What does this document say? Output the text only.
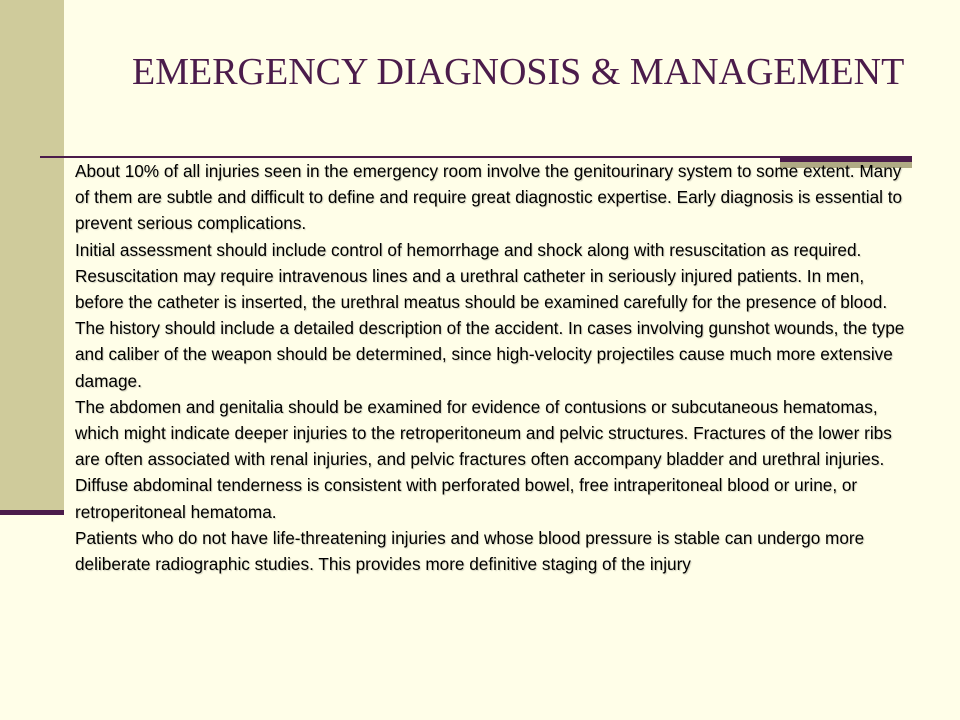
EMERGENCY DIAGNOSIS & MANAGEMENT

About 10% of all injuries seen in the emergency room involve the genitourinary system to some extent. Many of them are subtle and difficult to define and require great diagnostic expertise. Early diagnosis is essential to prevent serious complications.

Initial assessment should include control of hemorrhage and shock along with resuscitation as required. Resuscitation may require intravenous lines and a urethral catheter in seriously injured patients. In men, before the catheter is inserted, the urethral meatus should be examined carefully for the presence of blood.

The history should include a detailed description of the accident. In cases involving gunshot wounds, the type and caliber of the weapon should be determined, since high-velocity projectiles cause much more extensive damage.

The abdomen and genitalia should be examined for evidence of contusions or subcutaneous hematomas, which might indicate deeper injuries to the retroperitoneum and pelvic structures. Fractures of the lower ribs are often associated with renal injuries, and pelvic fractures often accompany bladder and urethral injuries. Diffuse abdominal tenderness is consistent with perforated bowel, free intraperitoneal blood or urine, or retroperitoneal hematoma.

Patients who do not have life-threatening injuries and whose blood pressure is stable can undergo more deliberate radiographic studies. This provides more definitive staging of the injury
